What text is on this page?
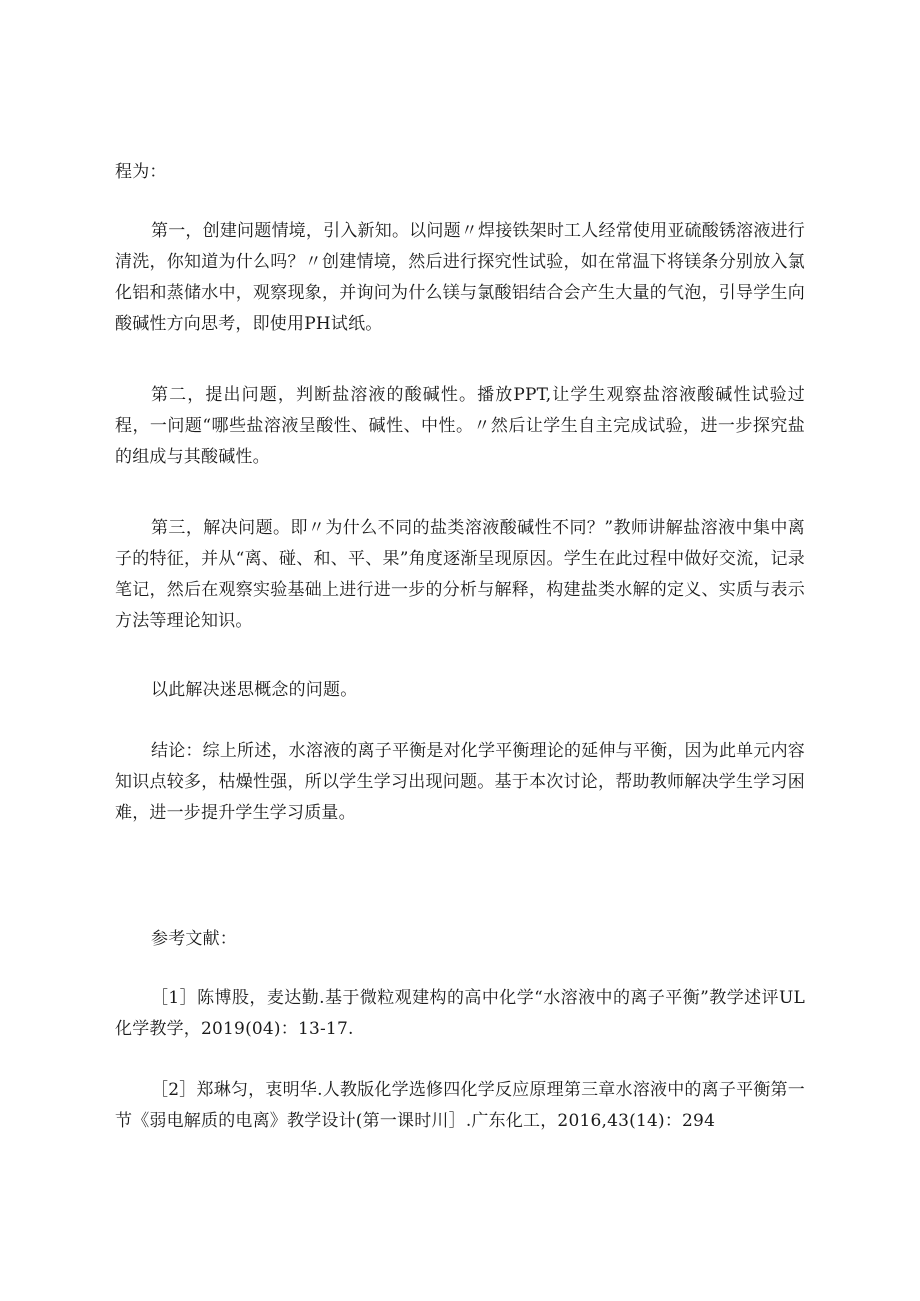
程为：

第一，创建问题情境，引入新知。以问题〃焊接铁架时工人经常使用亚硫酸锈溶液进行清洗，你知道为什么吗？〃创建情境，然后进行探究性试验，如在常温下将镁条分别放入氯化铝和蒸储水中，观察现象，并询问为什么镁与氯酸铝结合会产生大量的气泡，引导学生向酸碱性方向思考，即使用PH试纸。

第二，提出问题，判断盐溶液的酸碱性。播放PPT,让学生观察盐溶液酸碱性试验过程，一问题“哪些盐溶液呈酸性、碱性、中性。〃然后让学生自主完成试验，进一步探究盐的组成与其酸碱性。

第三，解决问题。即〃为什么不同的盐类溶液酸碱性不同？”教师讲解盐溶液中集中离子的特征，并从“离、碰、和、平、果”角度逐渐呈现原因。学生在此过程中做好交流，记录笔记，然后在观察实验基础上进行进一步的分析与解释，构建盐类水解的定义、实质与表示方法等理论知识。

以此解决迷思概念的问题。

结论：综上所述，水溶液的离子平衡是对化学平衡理论的延伸与平衡，因为此单元内容知识点较多，枯燥性强，所以学生学习出现问题。基于本次讨论，帮助教师解决学生学习困难，进一步提升学生学习质量。

参考文献：

［1］陈博股，麦达勤.基于微粒观建构的高中化学“水溶液中的离子平衡”教学述评UL化学教学，2019(04)：13-17.

［2］郑琳匀，衷明华.人教版化学选修四化学反应原理第三章水溶液中的离子平衡第一节《弱电解质的电离》教学设计(第一课时川］.广东化工，2016,43(14)：294
